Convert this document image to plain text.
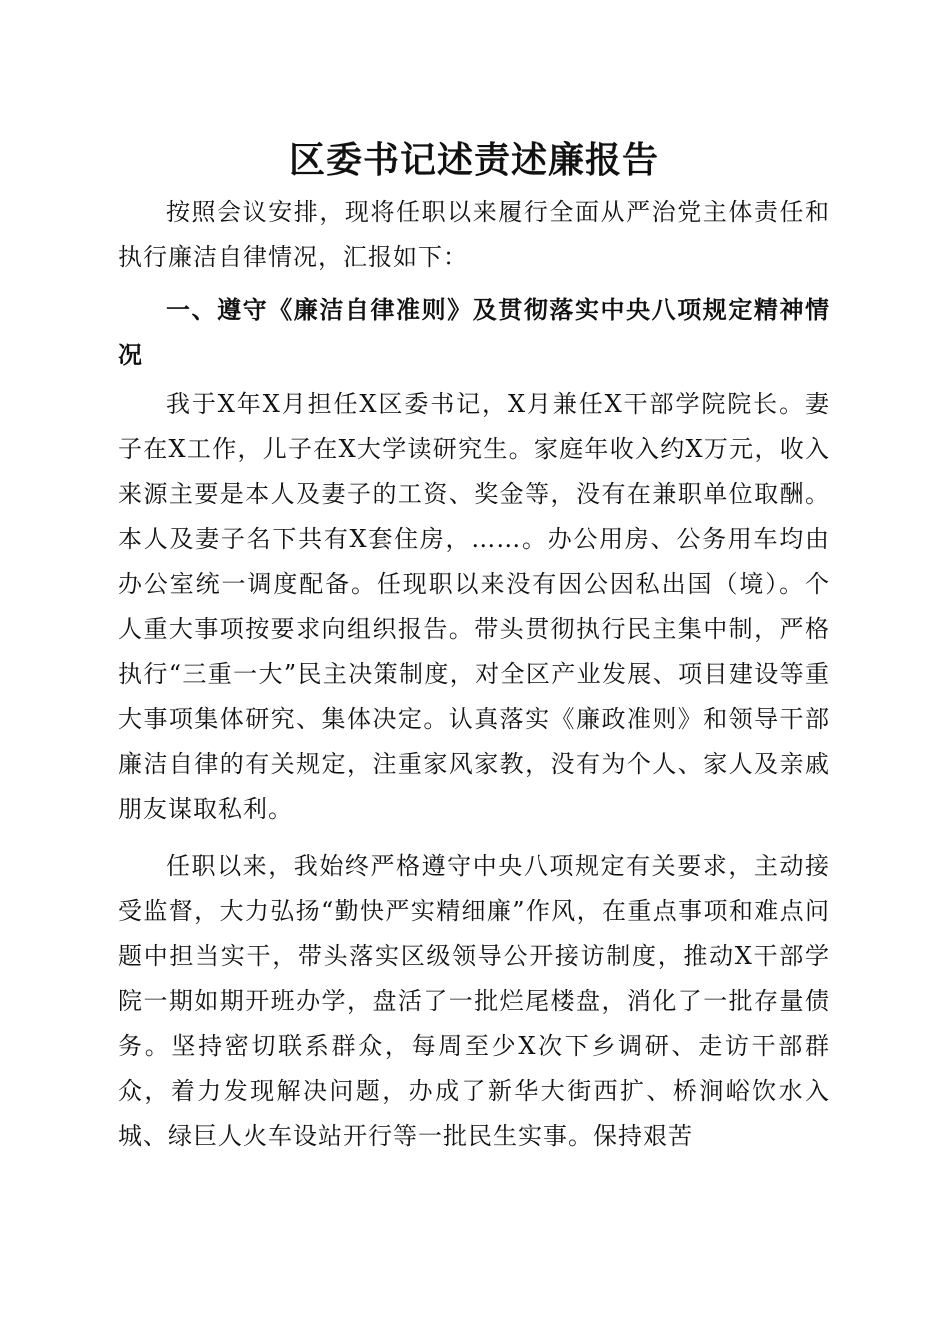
区委书记述责述廉报告

按照会议安排，现将任职以来履行全面从严治党主体责任和执行廉洁自律情况，汇报如下：

一、遵守《廉洁自律准则》及贯彻落实中央八项规定精神情况

我于X年X月担任X区委书记，X月兼任X干部学院院长。妻子在X工作，儿子在X大学读研究生。家庭年收入约X万元，收入来源主要是本人及妻子的工资、奖金等，没有在兼职单位取酬。本人及妻子名下共有X套住房，……。办公用房、公务用车均由办公室统一调度配备。任现职以来没有因公因私出国（境）。个人重大事项按要求向组织报告。带头贯彻执行民主集中制，严格执行“三重一大”民主决策制度，对全区产业发展、项目建设等重大事项集体研究、集体决定。认真落实《廉政准则》和领导干部廉洁自律的有关规定，注重家风家教，没有为个人、家人及亲戚朋友谋取私利。

任职以来，我始终严格遵守中央八项规定有关要求，主动接受监督，大力弘扬“勤快严实精细廉”作风，在重点事项和难点问题中担当实干，带头落实区级领导公开接访制度，推动X干部学院一期如期开班办学，盘活了一批烂尾楼盘，消化了一批存量债务。坚持密切联系群众，每周至少X次下乡调研、走访干部群众，着力发现解决问题，办成了新华大街西扩、桥涧峪饮水入城、绿巨人火车设站开行等一批民生实事。保持艰苦
